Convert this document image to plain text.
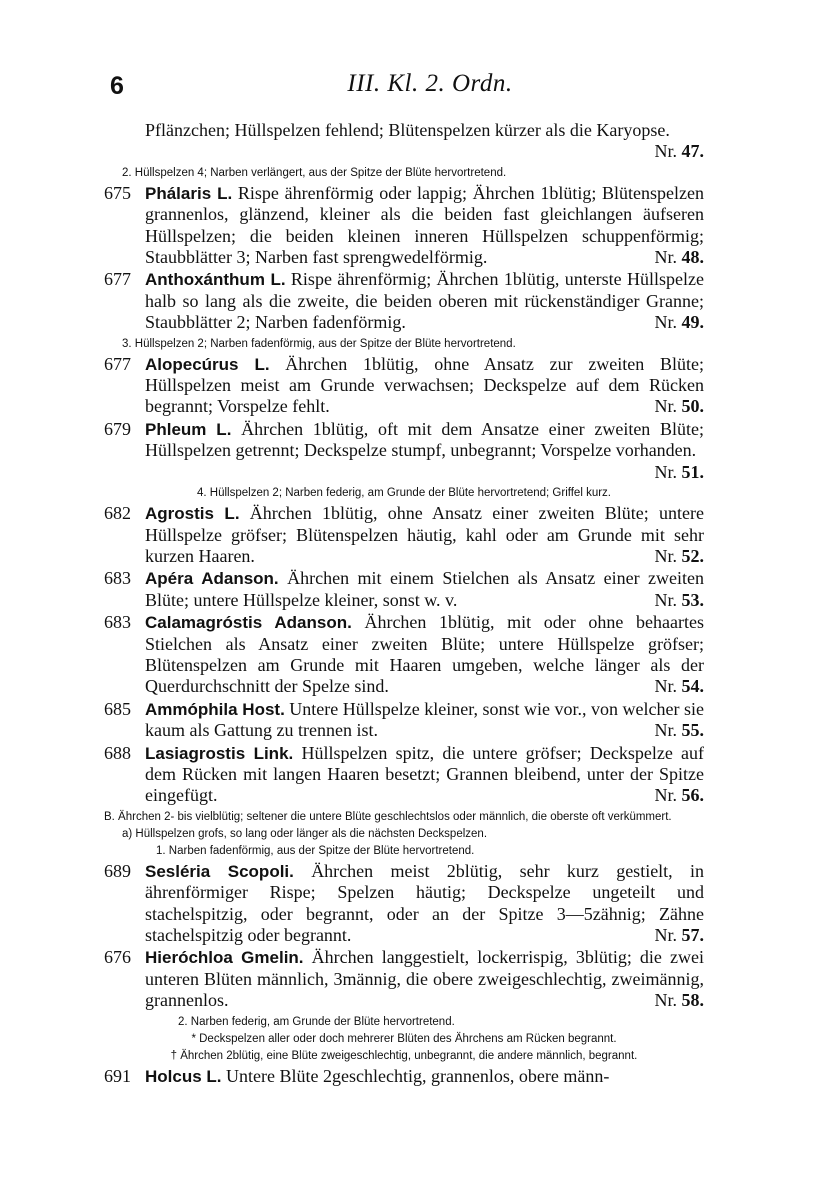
6	III. Kl. 2. Ordn.
Pflänzchen; Hüllspelzen fehlend; Blütenspelzen kürzer als die Karyopse.
Nr. 47.
2. Hüllspelzen 4; Narben verlängert, aus der Spitze der Blüte hervortretend.
675 Phálaris L. Rispe ährenförmig oder lappig; Ährchen 1blütig; Blütenspelzen grannenlos, glänzend, kleiner als die beiden fast gleichlangen äufseren Hüllspelzen; die beiden kleinen inneren Hüllspelzen schuppenförmig; Staubblätter 3; Narben fast sprengwedelförmig.	Nr. 48.
677 Anthoxánthum L. Rispe ährenförmig; Ährchen 1blütig, unterste Hüllspelze halb so lang als die zweite, die beiden oberen mit rückenständiger Granne; Staubblätter 2; Narben fadenförmig.	Nr. 49.
3. Hüllspelzen 2; Narben fadenförmig, aus der Spitze der Blüte hervortretend.
677 Alopecúrus L. Ährchen 1blütig, ohne Ansatz zur zweiten Blüte; Hüllspelzen meist am Grunde verwachsen; Deckspelze auf dem Rücken begrannt; Vorspelze fehlt.	Nr. 50.
679 Phleum L. Ährchen 1blütig, oft mit dem Ansatze einer zweiten Blüte; Hüllspelzen getrennt; Deckspelze stumpf, unbegrannt; Vorspelze vorhanden.
Nr. 51.
4. Hüllspelzen 2; Narben federig, am Grunde der Blüte hervortretend; Griffel kurz.
682 Agrostis L. Ährchen 1blütig, ohne Ansatz einer zweiten Blüte; untere Hüllspelze gröfser; Blütenspelzen häutig, kahl oder am Grunde mit sehr kurzen Haaren.	Nr. 52.
683 Apéra Adanson. Ährchen mit einem Stielchen als Ansatz einer zweiten Blüte; untere Hüllspelze kleiner, sonst w. v.	Nr. 53.
683 Calamagróstis Adanson. Ährchen 1blütig, mit oder ohne behaartes Stielchen als Ansatz einer zweiten Blüte; untere Hüllspelze gröfser; Blütenspelzen am Grunde mit Haaren umgeben, welche länger als der Querdurchschnitt der Spelze sind.	Nr. 54.
685 Ammóphila Host. Untere Hüllspelze kleiner, sonst wie vor., von welcher sie kaum als Gattung zu trennen ist.	Nr. 55.
688 Lasiagrostis Link. Hüllspelzen spitz, die untere gröfser; Deckspelze auf dem Rücken mit langen Haaren besetzt; Grannen bleibend, unter der Spitze eingefügt.	Nr. 56.
B. Ährchen 2- bis vielblütig; seltener die untere Blüte geschlechtslos oder männlich, die oberste oft verkümmert.
a) Hüllspelzen grofs, so lang oder länger als die nächsten Deckspelzen.
1. Narben fadenförmig, aus der Spitze der Blüte hervortretend.
689 Sesléria Scopoli. Ährchen meist 2blütig, sehr kurz gestielt, in ährenförmiger Rispe; Spelzen häutig; Deckspelze ungeteilt und stachelspitzig, oder begrannt, oder an der Spitze 3—5zähnig; Zähne stachelspitzig oder begrannt.	Nr. 57.
676 Hieróchloa Gmelin. Ährchen langgestielt, lockerrispig, 3blütig; die zwei unteren Blüten männlich, 3männig, die obere zweigeschlechtig, zweimännig, grannenlos.	Nr. 58.
2. Narben federig, am Grunde der Blüte hervortretend.
* Deckspelzen aller oder doch mehrerer Blüten des Ährchens am Rücken begrannt.
† Ährchen 2blütig, eine Blüte zweigeschlechtig, unbegrannt, die andere männlich, begrannt.
691 Holcus L. Untere Blüte 2geschlechtig, grannenlos, obere männ-
